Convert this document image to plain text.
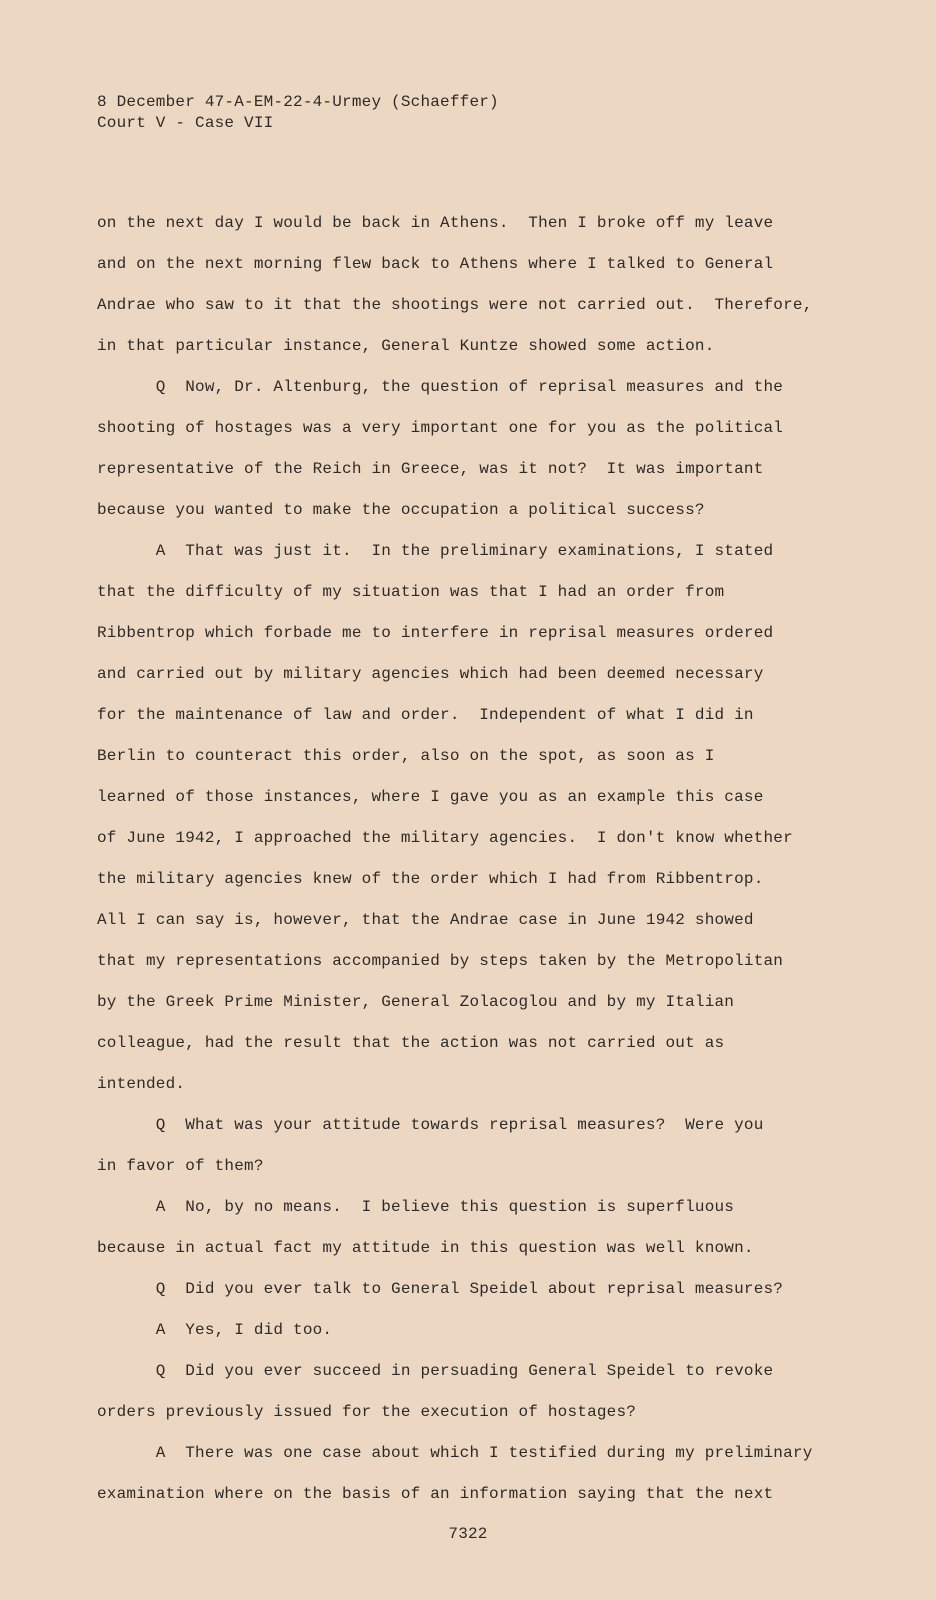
8 December 47-A-EM-22-4-Urmey (Schaeffer)
Court V - Case VII
on the next day I would be back in Athens.  Then I broke off my leave
and on the next morning flew back to Athens where I talked to General
Andrae who saw to it that the shootings were not carried out.  Therefore,
in that particular instance, General Kuntze showed some action.
Q  Now, Dr. Altenburg, the question of reprisal measures and the
shooting of hostages was a very important one for you as the political
representative of the Reich in Greece, was it not?  It was important
because you wanted to make the occupation a political success?
A  That was just it.  In the preliminary examinations, I stated
that the difficulty of my situation was that I had an order from
Ribbentrop which forbade me to interfere in reprisal measures ordered
and carried out by military agencies which had been deemed necessary
for the maintenance of law and order.  Independent of what I did in
Berlin to counteract this order, also on the spot, as soon as I
learned of those instances, where I gave you as an example this case
of June 1942, I approached the military agencies.  I don't know whether
the military agencies knew of the order which I had from Ribbentrop.
All I can say is, however, that the Andrae case in June 1942 showed
that my representations accompanied by steps taken by the Metropolitan
by the Greek Prime Minister, General Zolacoglou and by my Italian
colleague, had the result that the action was not carried out as
intended.
Q  What was your attitude towards reprisal measures?  Were you
in favor of them?
A  No, by no means.  I believe this question is superfluous
because in actual fact my attitude in this question was well known.
Q  Did you ever talk to General Speidel about reprisal measures?
A  Yes, I did too.
Q  Did you ever succeed in persuading General Speidel to revoke
orders previously issued for the execution of hostages?
A  There was one case about which I testified during my preliminary
examination where on the basis of an information saying that the next
7322
